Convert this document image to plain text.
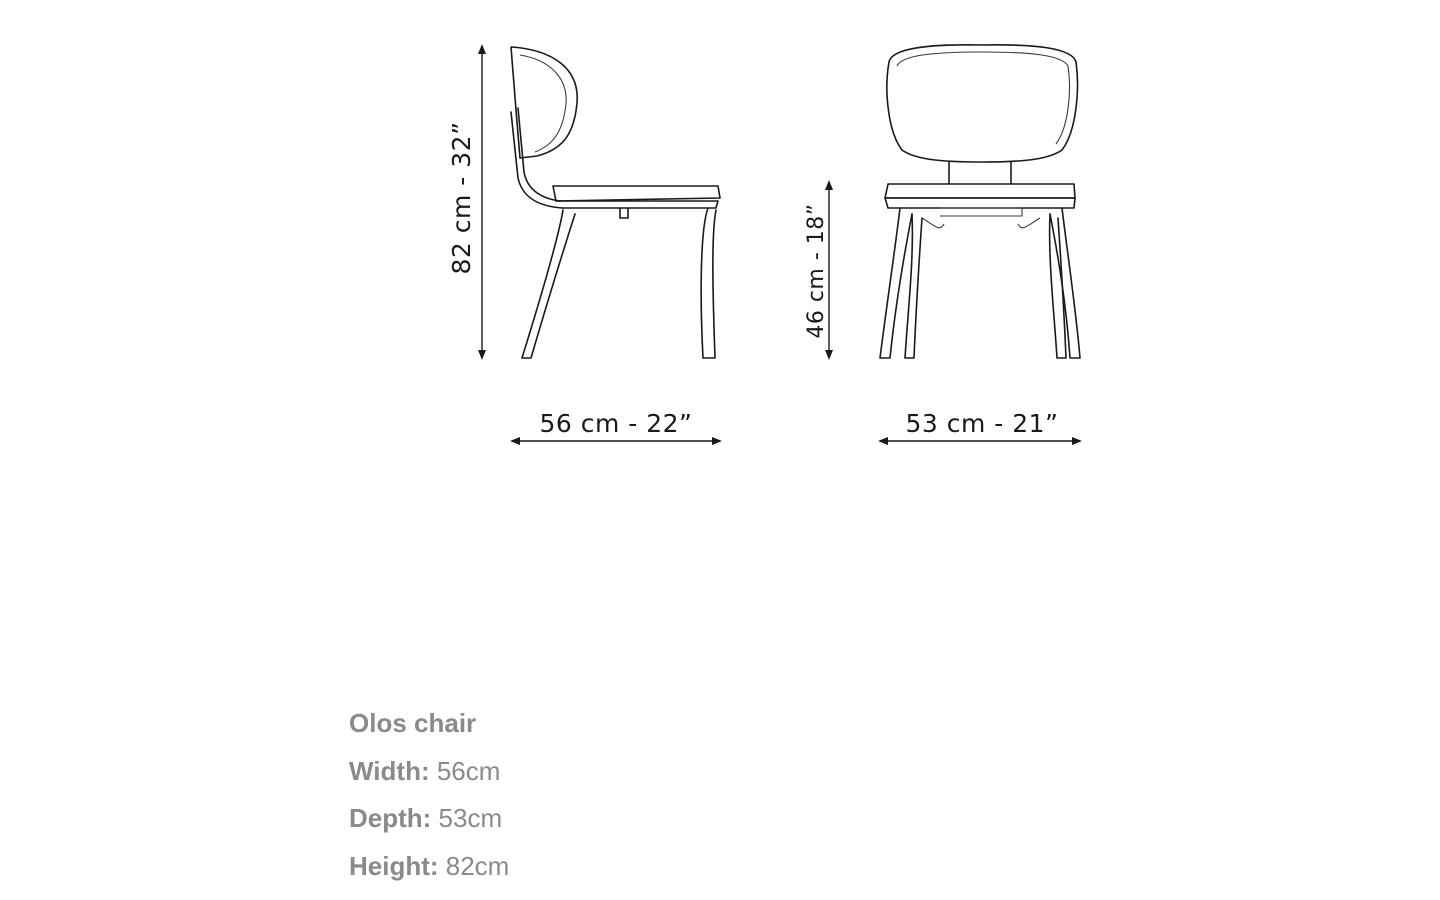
82 cm - 32”
56 cm - 22”
46 cm - 18”
53 cm - 21”
Olos chair
Width: 56cm
Depth: 53cm
Height: 82cm
